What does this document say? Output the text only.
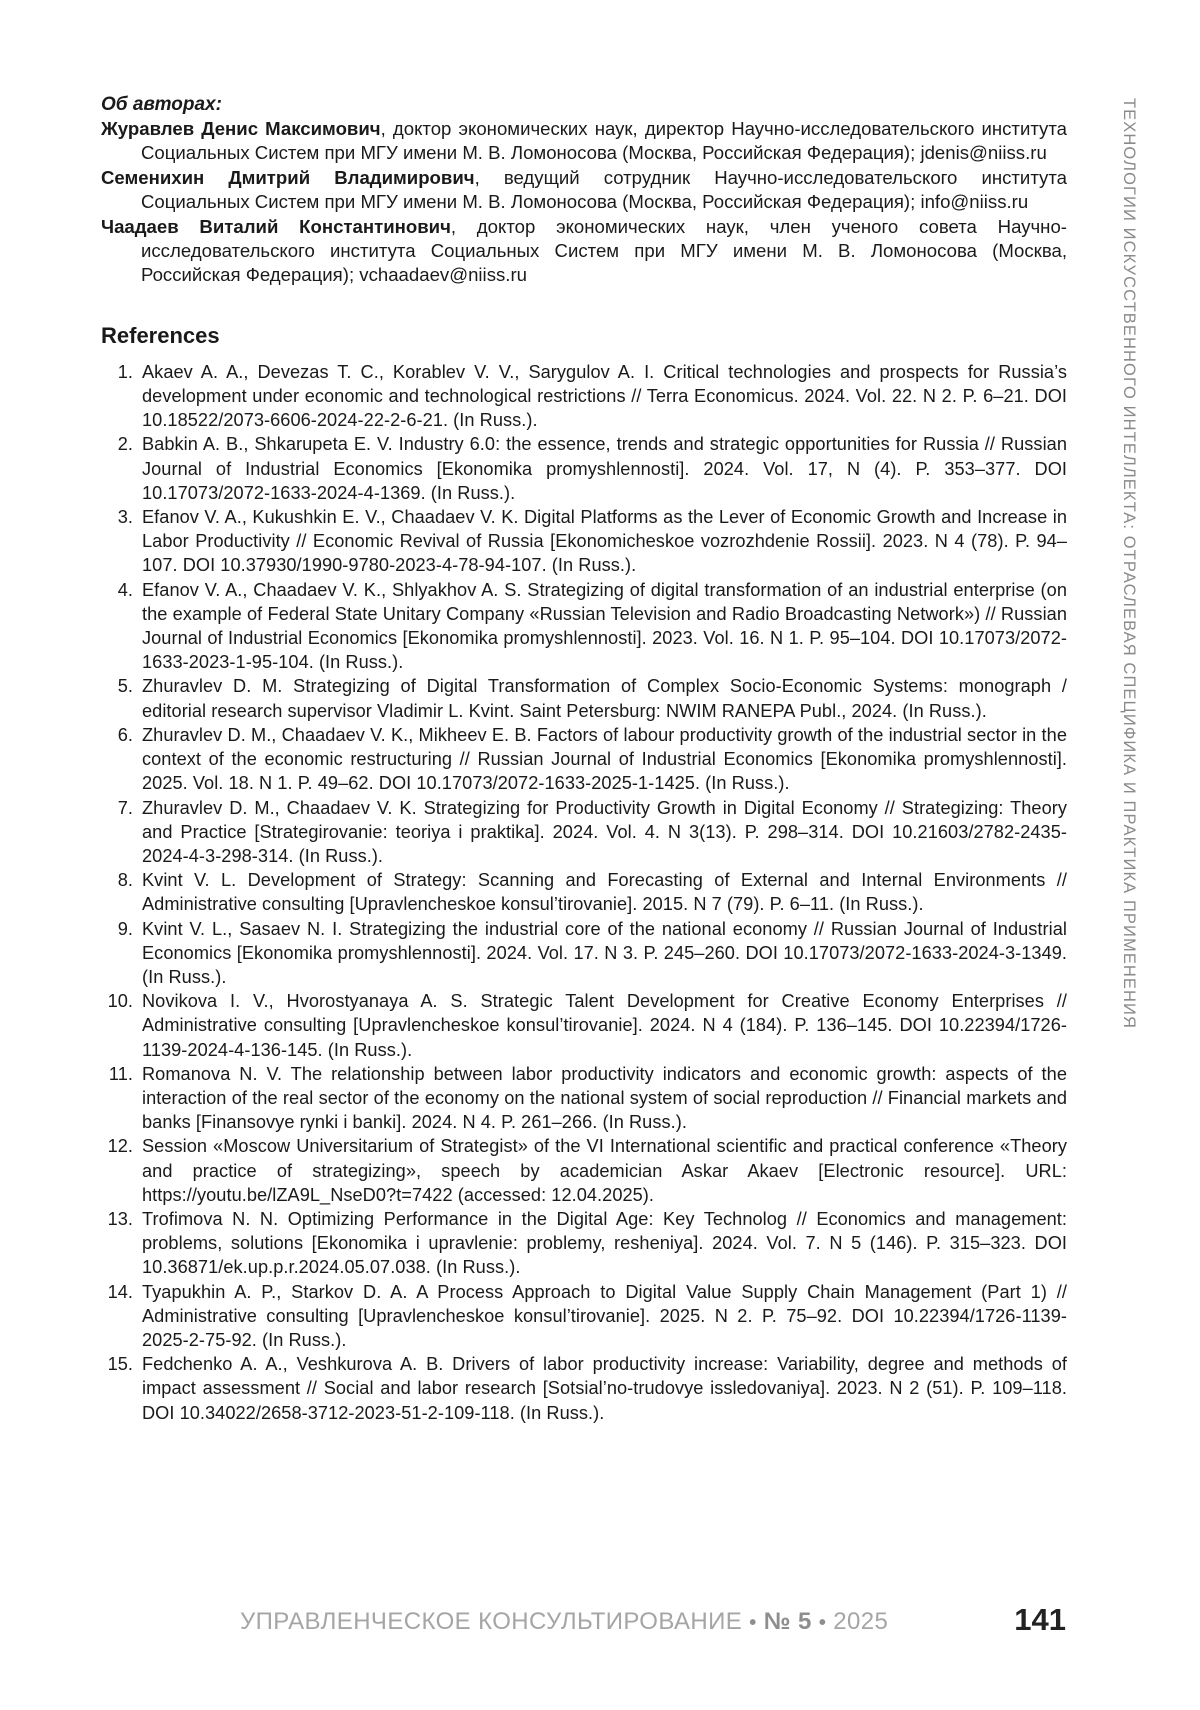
Об авторах:
Журавлев Денис Максимович, доктор экономических наук, директор Научно-исследовательского института Социальных Систем при МГУ имени М. В. Ломоносова (Москва, Российская Федерация); jdenis@niiss.ru
Семенихин Дмитрий Владимирович, ведущий сотрудник Научно-исследовательского института Социальных Систем при МГУ имени М. В. Ломоносова (Москва, Российская Федерация); info@niiss.ru
Чаадаев Виталий Константинович, доктор экономических наук, член ученого совета Научно-исследовательского института Социальных Систем при МГУ имени М. В. Ломоносова (Москва, Российская Федерация); vchaadaev@niiss.ru
References
1. Akaev A. A., Devezas T. C., Korablev V. V., Sarygulov A. I. Critical technologies and prospects for Russia’s development under economic and technological restrictions // Terra Economicus. 2024. Vol. 22. N 2. P. 6–21. DOI 10.18522/2073-6606-2024-22-2-6-21. (In Russ.).
2. Babkin A. B., Shkarupeta E. V. Industry 6.0: the essence, trends and strategic opportunities for Russia // Russian Journal of Industrial Economics [Ekonomika promyshlennosti]. 2024. Vol. 17, N (4). P. 353–377. DOI 10.17073/2072-1633-2024-4-1369. (In Russ.).
3. Efanov V. A., Kukushkin E. V., Chaadaev V. K. Digital Platforms as the Lever of Economic Growth and Increase in Labor Productivity // Economic Revival of Russia [Ekonomicheskoe vozrozhdenie Rossii]. 2023. N 4 (78). P. 94–107. DOI 10.37930/1990-9780-2023-4-78-94-107. (In Russ.).
4. Efanov V. A., Chaadaev V. K., Shlyakhov A. S. Strategizing of digital transformation of an industrial enterprise (on the example of Federal State Unitary Company «Russian Television and Radio Broadcasting Network») // Russian Journal of Industrial Economics [Ekonomika promyshlennosti]. 2023. Vol. 16. N 1. P. 95–104. DOI 10.17073/2072-1633-2023-1-95-104. (In Russ.).
5. Zhuravlev D. M. Strategizing of Digital Transformation of Complex Socio-Economic Systems: monograph / editorial research supervisor Vladimir L. Kvint. Saint Petersburg: NWIM RANEPA Publ., 2024. (In Russ.).
6. Zhuravlev D. M., Chaadaev V. K., Mikheev E. B. Factors of labour productivity growth of the industrial sector in the context of the economic restructuring // Russian Journal of Industrial Economics [Ekonomika promyshlennosti]. 2025. Vol. 18. N 1. P. 49–62. DOI 10.17073/2072-1633-2025-1-1425. (In Russ.).
7. Zhuravlev D. M., Chaadaev V. K. Strategizing for Productivity Growth in Digital Economy // Strategizing: Theory and Practice [Strategirovanie: teoriya i praktika]. 2024. Vol. 4. N 3(13). P. 298–314. DOI 10.21603/2782-2435-2024-4-3-298-314. (In Russ.).
8. Kvint V. L. Development of Strategy: Scanning and Forecasting of External and Internal Environments // Administrative consulting [Upravlencheskoe konsul’tirovanie]. 2015. N 7 (79). P. 6–11. (In Russ.).
9. Kvint V. L., Sasaev N. I. Strategizing the industrial core of the national economy // Russian Journal of Industrial Economics [Ekonomika promyshlennosti]. 2024. Vol. 17. N 3. P. 245–260. DOI 10.17073/2072-1633-2024-3-1349. (In Russ.).
10. Novikova I. V., Hvorostyanaya A. S. Strategic Talent Development for Creative Economy Enterprises // Administrative consulting [Upravlencheskoe konsul’tirovanie]. 2024. N 4 (184). P. 136–145. DOI 10.22394/1726-1139-2024-4-136-145. (In Russ.).
11. Romanova N. V. The relationship between labor productivity indicators and economic growth: aspects of the interaction of the real sector of the economy on the national system of social reproduction // Financial markets and banks [Finansovye rynki i banki]. 2024. N 4. P. 261–266. (In Russ.).
12. Session «Moscow Universitarium of Strategist» of the VI International scientific and practical conference «Theory and practice of strategizing», speech by academician Askar Akaev [Electronic resource]. URL: https://youtu.be/lZA9L_NseD0?t=7422 (accessed: 12.04.2025).
13. Trofimova N. N. Optimizing Performance in the Digital Age: Key Technolog // Economics and management: problems, solutions [Ekonomika i upravlenie: problemy, resheniya]. 2024. Vol. 7. N 5 (146). P. 315–323. DOI 10.36871/ek.up.p.r.2024.05.07.038. (In Russ.).
14. Tyapukhin A. P., Starkov D. A. A Process Approach to Digital Value Supply Chain Management (Part 1) // Administrative consulting [Upravlencheskoe konsul’tirovanie]. 2025. N 2. P. 75–92. DOI 10.22394/1726-1139-2025-2-75-92. (In Russ.).
15. Fedchenko A. A., Veshkurova A. B. Drivers of labor productivity increase: Variability, degree and methods of impact assessment // Social and labor research [Sotsial’no-trudovye issledovaniya]. 2023. N 2 (51). P. 109–118. DOI 10.34022/2658-3712-2023-51-2-109-118. (In Russ.).
ТЕХНОЛОГИИ ИСКУССТВЕННОГО ИНТЕЛЛЕКТА: ОТРАСЛЕВАЯ СПЕЦИФИКА И ПРАКТИКА ПРИМЕНЕНИЯ
УПРАВЛЕНЧЕСКОЕ КОНСУЛЬТИРОВАНИЕ • № 5 • 2025	141
